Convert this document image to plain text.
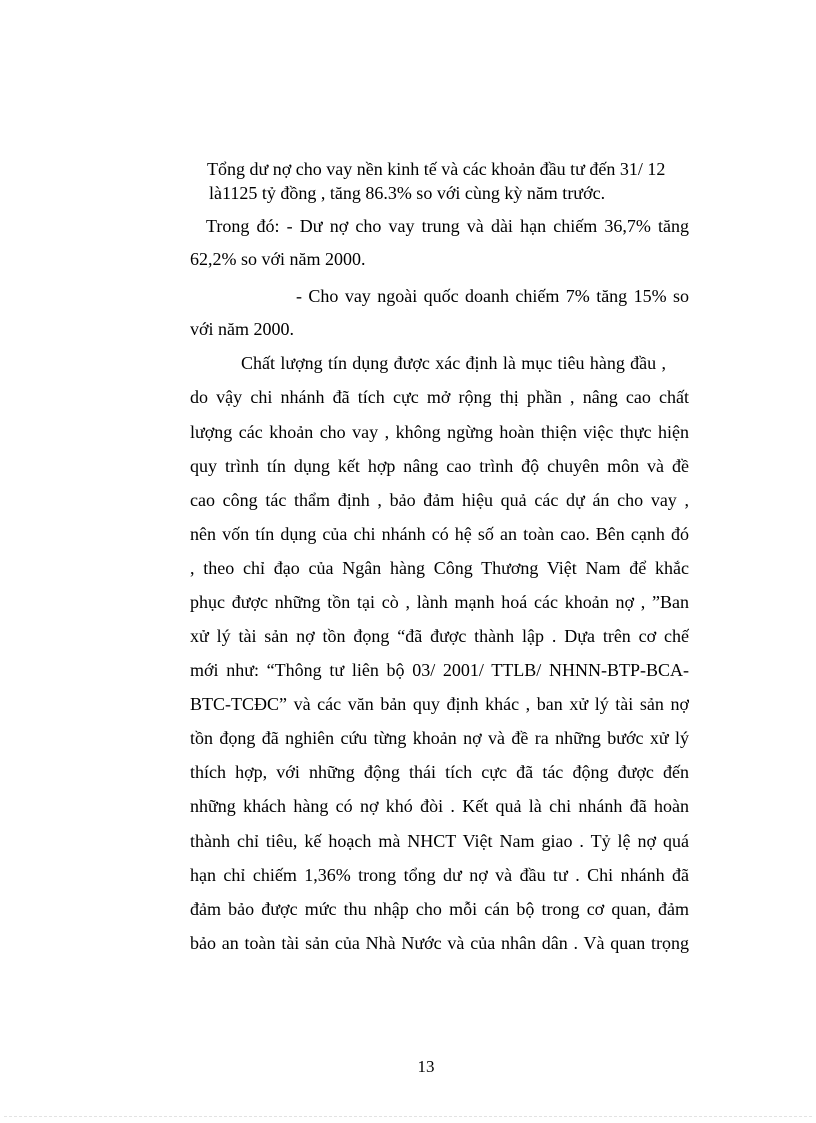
Tổng dư nợ cho vay nền kinh tế và các khoản đầu tư đến 31/ 12
là1125 tỷ đồng , tăng 86.3% so với cùng kỳ năm trước.
Trong đó: - Dư nợ cho vay trung và dài hạn chiếm 36,7% tăng
62,2% so với năm 2000.
- Cho vay ngoài quốc doanh chiếm 7% tăng 15% so
với năm 2000.
Chất lượng tín dụng được xác định là mục tiêu hàng đầu ,
do vậy chi nhánh đã tích cực mở rộng thị phần , nâng cao chất
lượng các khoản cho vay , không ngừng hoàn thiện việc thực hiện
quy trình tín dụng kết hợp nâng cao trình độ chuyên môn và đề
cao công tác thẩm định , bảo đảm hiệu quả các dự án cho vay ,
nên vốn tín dụng của chi nhánh có hệ số an toàn cao. Bên cạnh đó
, theo chỉ đạo của Ngân hàng Công Thương Việt Nam để khắc
phục được những tồn tại cò , lành mạnh hoá các khoản nợ , ”Ban
xử lý tài sản nợ tồn đọng “đã được thành lập . Dựa trên cơ chế
mới như: “Thông tư liên bộ 03/ 2001/ TTLB/ NHNN-BTP-BCA-
BTC-TCĐC” và các văn bản quy định khác , ban xử lý tài sản nợ
tồn đọng đã nghiên cứu từng khoản nợ và đề ra những bước xử lý
thích hợp, với những động thái tích cực đã tác động được đến
những khách hàng có nợ khó đòi . Kết quả là chi nhánh đã hoàn
thành chỉ tiêu, kế hoạch mà NHCT Việt Nam giao . Tỷ lệ nợ quá
hạn chỉ chiếm 1,36% trong tổng dư nợ và đầu tư . Chi nhánh đã
đảm bảo được mức thu nhập cho mỗi cán bộ trong cơ quan, đảm
bảo an toàn tài sản của Nhà Nước và của nhân dân . Và quan trọng
13
